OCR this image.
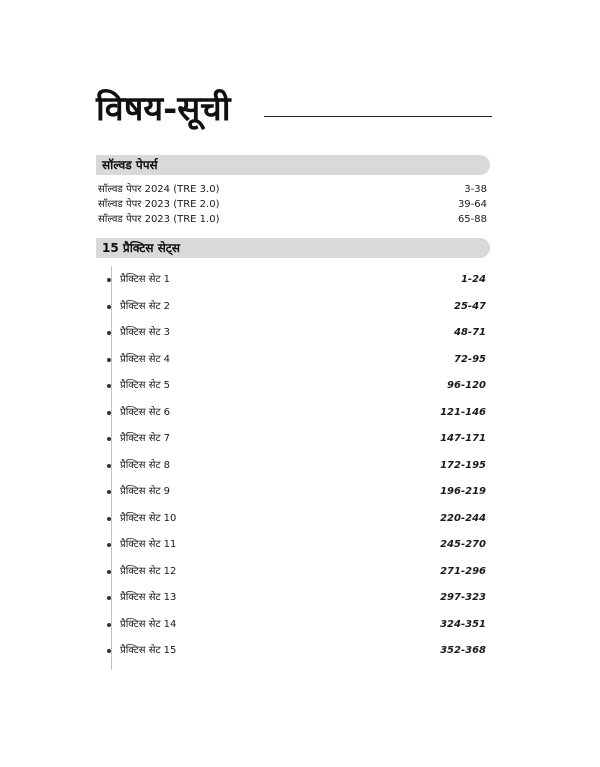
विषय-सूची
सॉल्वड पेपर्स
सॉल्वड पेपर 2024 (TRE 3.0)	3-38
सॉल्वड पेपर 2023 (TRE 2.0)	39-64
सॉल्वड पेपर 2023 (TRE 1.0)	65-88
15 प्रैक्टिस सेट्स
प्रैक्टिस सेट 1	1-24
प्रैक्टिस सेट 2	25-47
प्रैक्टिस सेट 3	48-71
प्रैक्टिस सेट 4	72-95
प्रैक्टिस सेट 5	96-120
प्रैक्टिस सेट 6	121-146
प्रैक्टिस सेट 7	147-171
प्रैक्टिस सेट 8	172-195
प्रैक्टिस सेट 9	196-219
प्रैक्टिस सेट 10	220-244
प्रैक्टिस सेट 11	245-270
प्रैक्टिस सेट 12	271-296
प्रैक्टिस सेट 13	297-323
प्रैक्टिस सेट 14	324-351
प्रैक्टिस सेट 15	352-368
